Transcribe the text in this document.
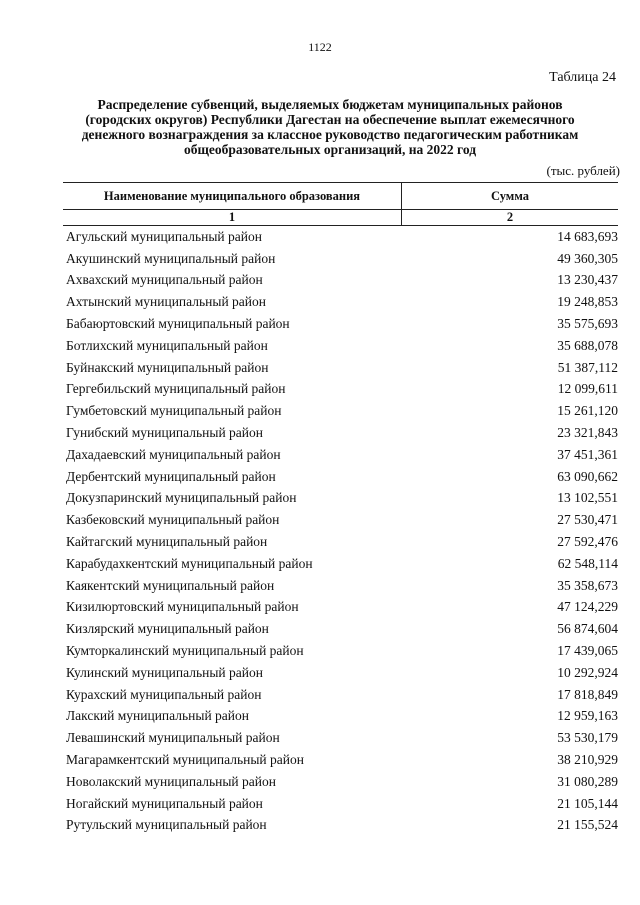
1122
Таблица 24
Распределение субвенций, выделяемых бюджетам муниципальных районов
(городских округов) Республики Дагестан на обеспечение выплат ежемесячного
денежного вознаграждения за классное руководство педагогическим работникам
общеобразовательных организаций, на 2022 год
(тыс. рублей)
Наименование муниципального образования	Сумма
1	2
Агульский муниципальный район	14 683,693
Акушинский муниципальный район	49 360,305
Ахвахский муниципальный район	13 230,437
Ахтынский муниципальный район	19 248,853
Бабаюртовский муниципальный район	35 575,693
Ботлихский муниципальный район	35 688,078
Буйнакский муниципальный район	51 387,112
Гергебильский муниципальный район	12 099,611
Гумбетовский муниципальный район	15 261,120
Гунибский муниципальный район	23 321,843
Дахадаевский муниципальный район	37 451,361
Дербентский муниципальный район	63 090,662
Докузпаринский муниципальный район	13 102,551
Казбековский муниципальный район	27 530,471
Кайтагский муниципальный район	27 592,476
Карабудахкентский муниципальный район	62 548,114
Каякентский муниципальный район	35 358,673
Кизилюртовский муниципальный район	47 124,229
Кизлярский муниципальный район	56 874,604
Кумторкалинский муниципальный район	17 439,065
Кулинский муниципальный район	10 292,924
Курахский муниципальный район	17 818,849
Лакский муниципальный район	12 959,163
Левашинский муниципальный район	53 530,179
Магарамкентский муниципальный район	38 210,929
Новолакский муниципальный район	31 080,289
Ногайский муниципальный район	21 105,144
Рутульский муниципальный район	21 155,524
